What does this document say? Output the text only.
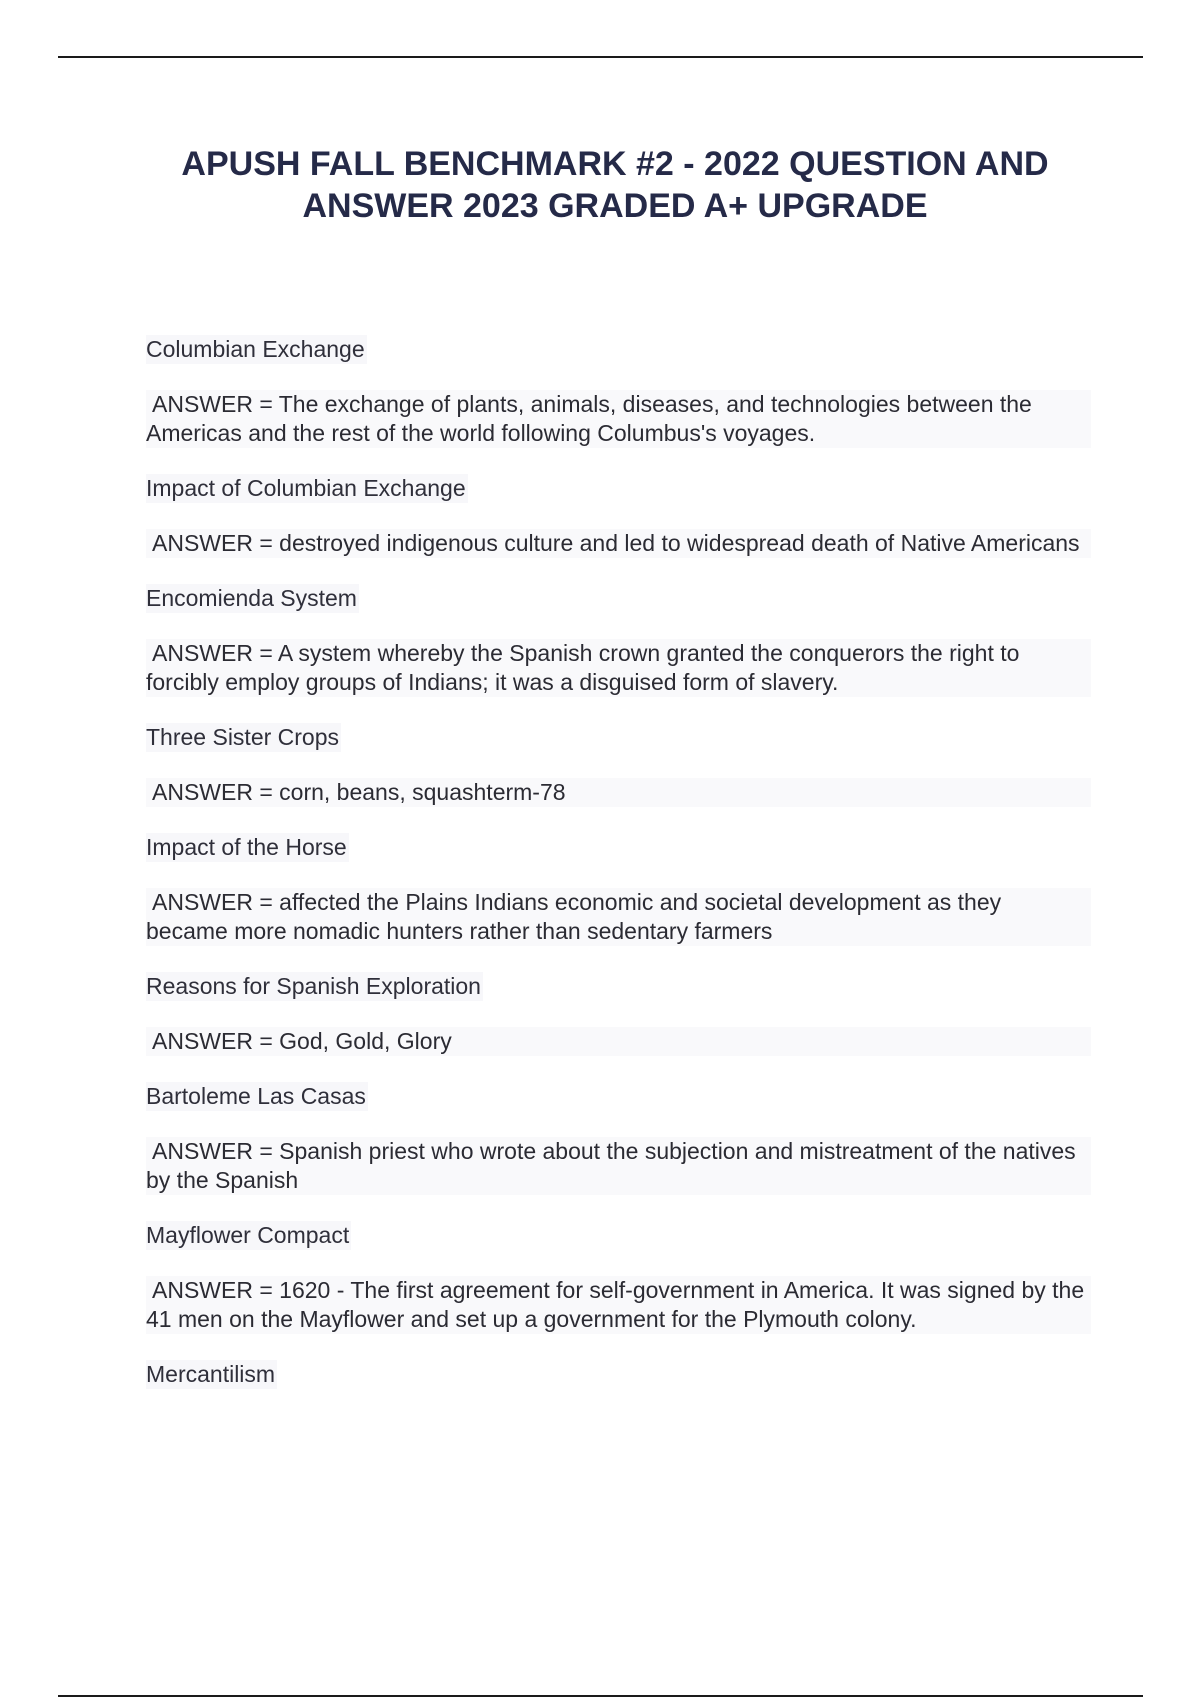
APUSH FALL BENCHMARK #2 - 2022 QUESTION AND
ANSWER 2023 GRADED A+ UPGRADE

Columbian Exchange

ANSWER = The exchange of plants, animals, diseases, and technologies between the Americas and the rest of the world following Columbus's voyages.

Impact of Columbian Exchange

ANSWER = destroyed indigenous culture and led to widespread death of Native Americans

Encomienda System

ANSWER = A system whereby the Spanish crown granted the conquerors the right to forcibly employ groups of Indians; it was a disguised form of slavery.

Three Sister Crops

ANSWER = corn, beans, squashterm-78

Impact of the Horse

ANSWER = affected the Plains Indians economic and societal development as they became more nomadic hunters rather than sedentary farmers

Reasons for Spanish Exploration

ANSWER = God, Gold, Glory

Bartoleme Las Casas

ANSWER = Spanish priest who wrote about the subjection and mistreatment of the natives by the Spanish

Mayflower Compact

ANSWER = 1620 - The first agreement for self-government in America. It was signed by the 41 men on the Mayflower and set up a government for the Plymouth colony.

Mercantilism
